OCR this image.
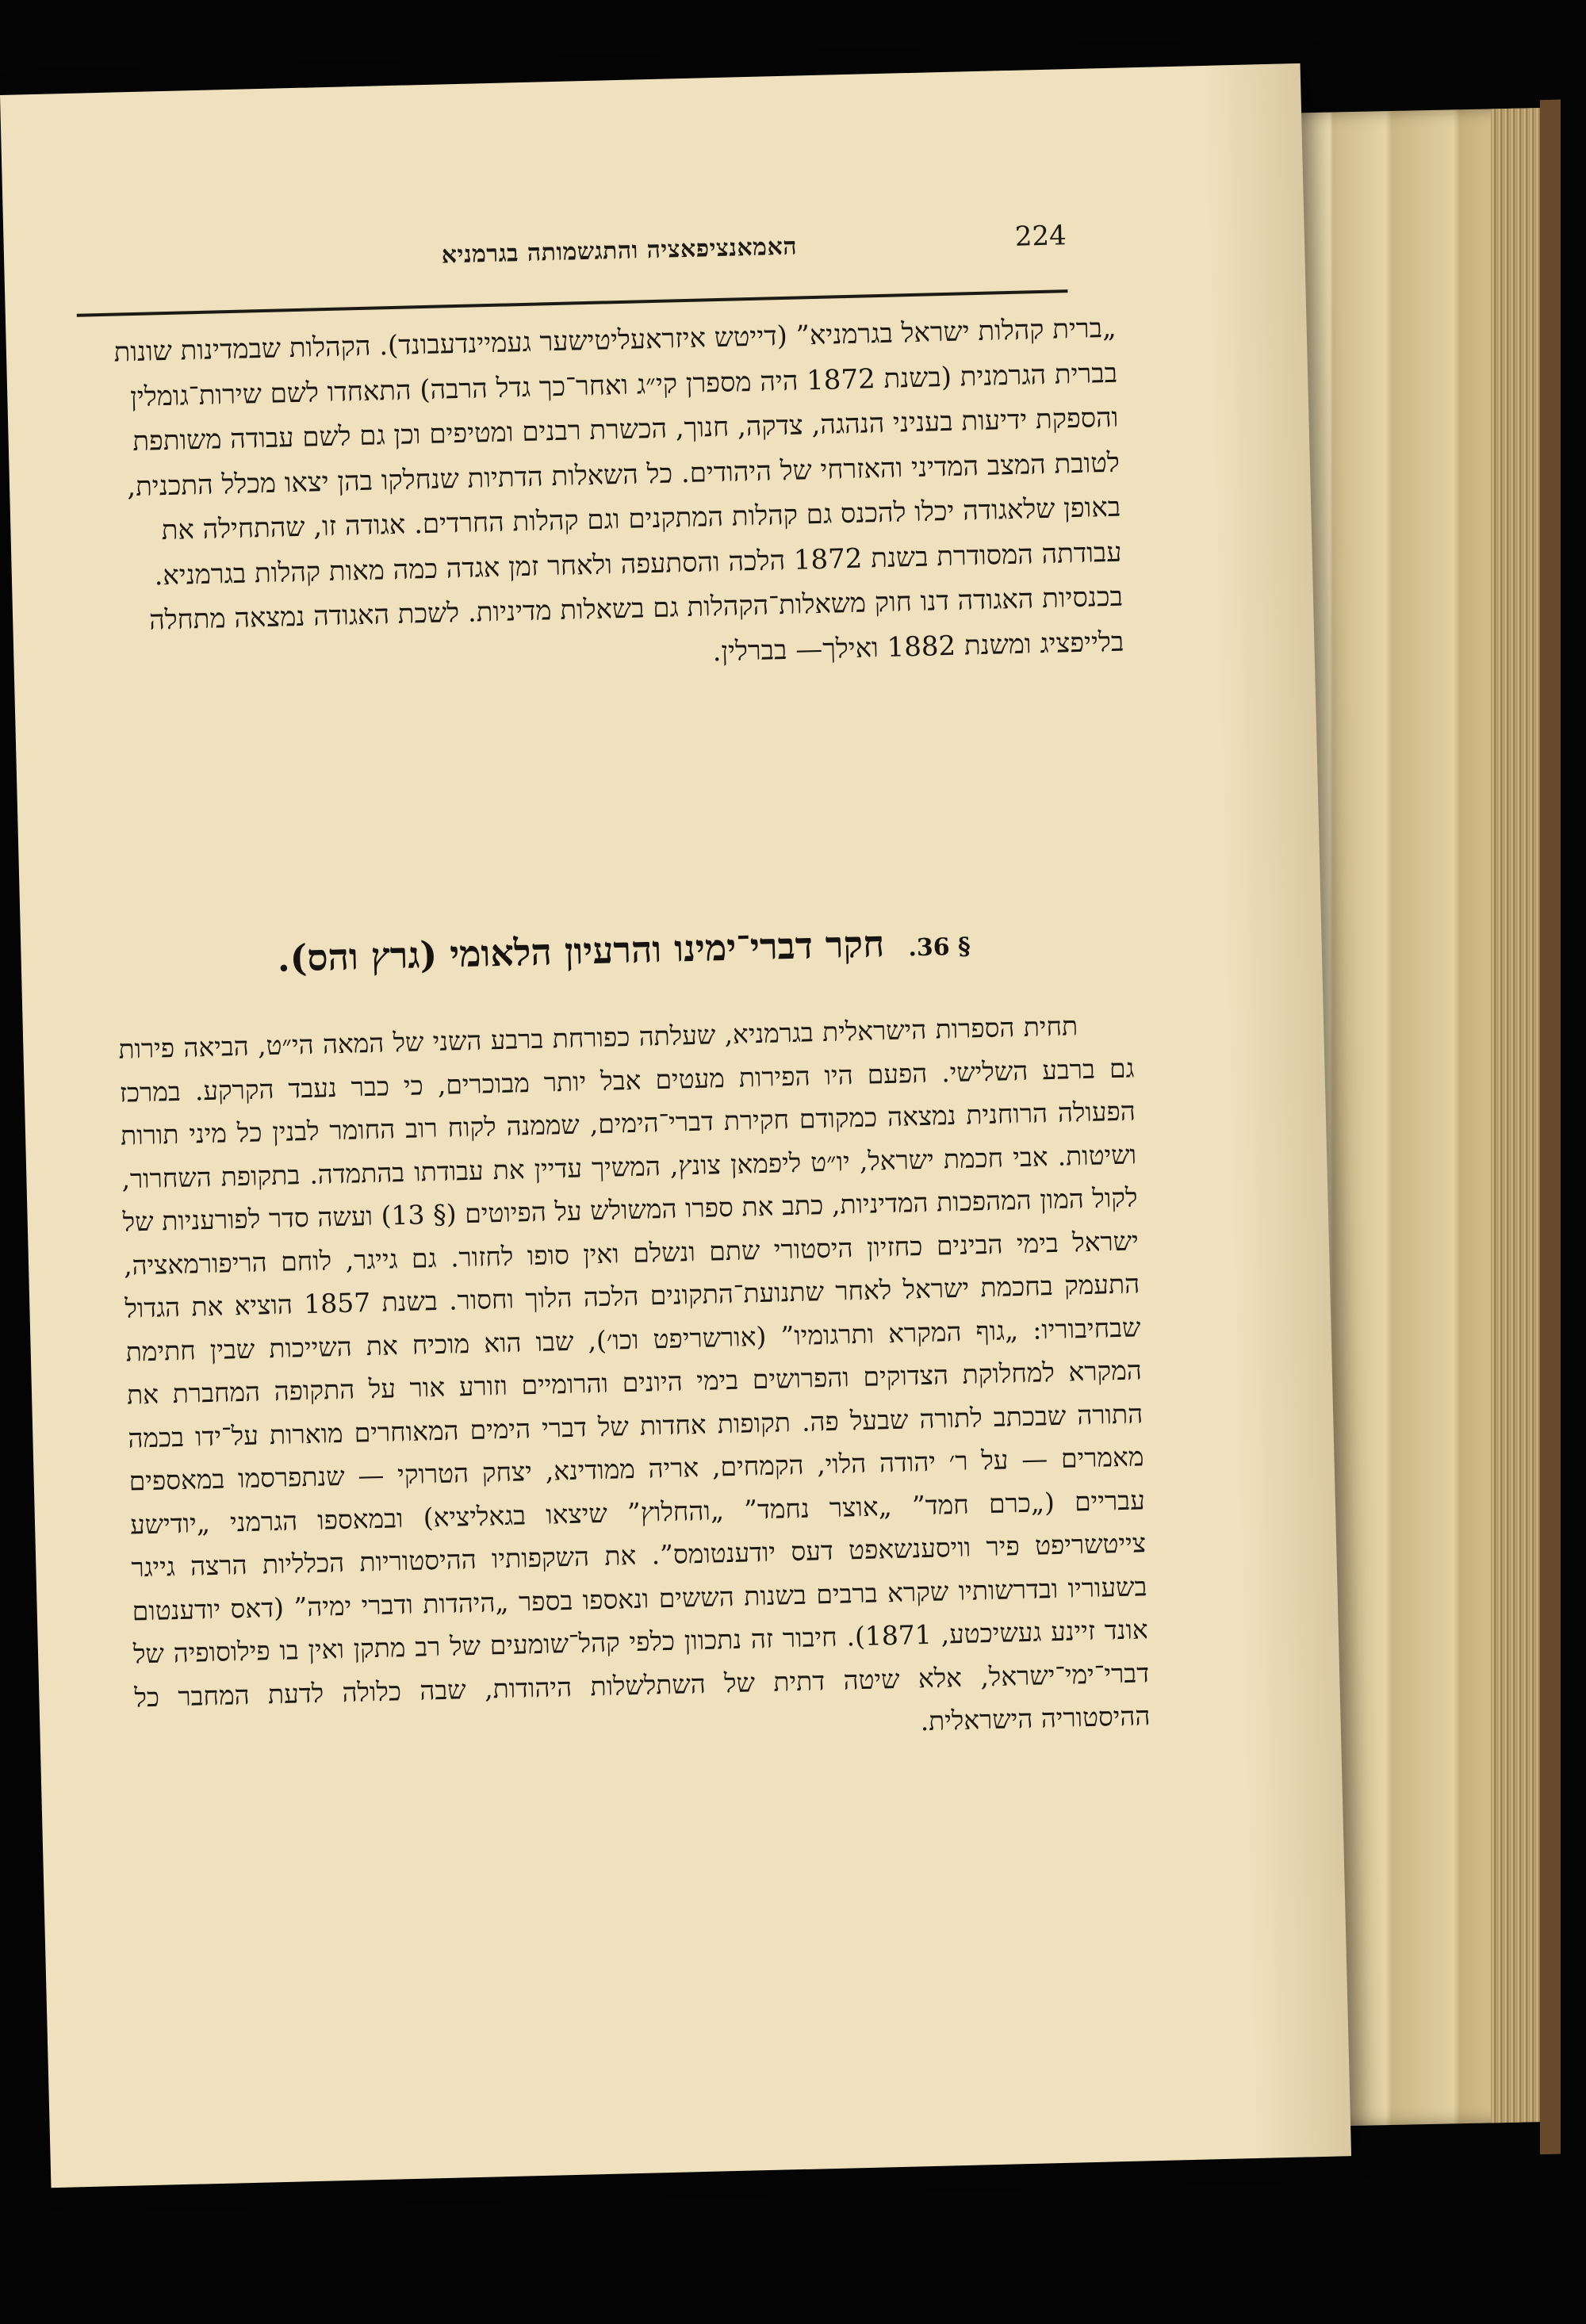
224
האמאנציפאציה והתגשמותה בגרמניא

„ברית קהלות ישראל בגרמניא” (דייטש איזראעליטישער געמיינדעבונד). הקהלות שבמדינות שונות בברית הגרמנית (בשנת 1872 היה מספרן קי״ג ואחר־כך גדל הרבה) התאחדו לשם שירות־גומלין והספקת ידיעות בעניני הנהגה, צדקה, חנוך, הכשרת רבנים ומטיפים וכן גם לשם עבודה משותפת לטובת המצב המדיני והאזרחי של היהודים. כל השאלות הדתיות שנחלקו בהן יצאו מכלל התכנית, באופן שלאגודה יכלו להכנס גם קהלות המתקנים וגם קהלות החרדים. אגודה זו, שהתחילה את עבודתה המסודרת בשנת 1872 הלכה והסתעפה ולאחר זמן אגדה כמה מאות קהלות בגרמניא. בכנסיות האגודה דנו חוק משאלות־הקהלות גם בשאלות מדיניות. לשכת האגודה נמצאה מתחלה בלייפציג ומשנת 1882 ואילך— בברלין.

§ 36. חקר דברי־ימינו והרעיון הלאומי (גרץ והס).

תחית הספרות הישראלית בגרמניא, שעלתה כפורחת ברבע השני של המאה הי״ט, הביאה פירות גם ברבע השלישי. הפעם היו הפירות מעטים אבל יותר מבוכרים, כי כבר נעבד הקרקע. במרכז הפעולה הרוחנית נמצאה כמקודם חקירת דברי־הימים, שממנה לקוח רוב החומר לבנין כל מיני תורות ושיטות. אבי חכמת ישראל, יו״ט ליפמאן צונץ, המשיך עדיין את עבודתו בהתמדה. בתקופת השחרור, לקול המון המהפכות המדיניות, כתב את ספרו המשולש על הפיוטים (§ 13) ועשה סדר לפורעניות של ישראל בימי הבינים כחזיון היסטורי שתם ונשלם ואין סופו לחזור. גם גייגר, לוחם הריפורמאציה, התעמק בחכמת ישראל לאחר שתנועת־התקונים הלכה הלוך וחסור. בשנת 1857 הוציא את הגדול שבחיבוריו: „גוף המקרא ותרגומיו” (אורשריפט וכו׳), שבו הוא מוכיח את השייכות שבין חתימת המקרא למחלוקת הצדוקים והפרושים בימי היונים והרומיים וזורע אור על התקופה המחברת את התורה שבכתב לתורה שבעל פה. תקופות אחדות של דברי הימים המאוחרים מוארות על־ידו בכמה מאמרים — על ר׳ יהודה הלוי, הקמחים, אריה ממודינא, יצחק הטרוקי — שנתפרסמו במאספים עבריים („כרם חמד” „אוצר נחמד” „והחלוץ” שיצאו בגאליציא) ובמאספו הגרמני „יודישע צייטשריפט פיר וויסענשאפט דעס יודענטומס”. את השקפותיו ההיסטוריות הכלליות הרצה גייגר בשעוריו ובדרשותיו שקרא ברבים בשנות הששים ונאספו בספר „היהדות ודברי ימיה” (דאס יודענטום אונד זיינע געשיכטע, 1871). חיבור זה נתכוון כלפי קהל־שומעים של רב מתקן ואין בו פילוסופיה של דברי־ימי־ישראל, אלא שיטה דתית של השתלשלות היהודות, שבה כלולה לדעת המחבר כל ההיסטוריה הישראלית.
